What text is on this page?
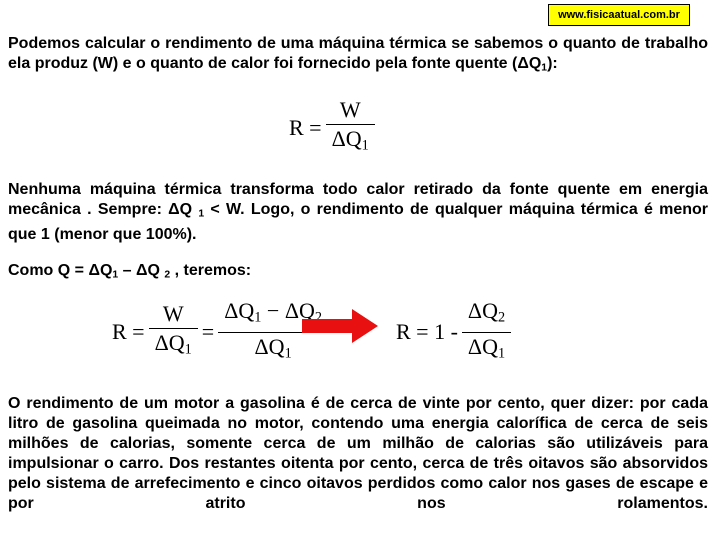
www.fisicaatual.com.br
Podemos calcular o rendimento de uma máquina térmica se sabemos o quanto de trabalho ela produz (W) e o quanto de calor foi fornecido pela fonte quente $(\Delta Q_1)$:
$R = \frac{W}{\Delta Q_1}$
Nenhuma máquina térmica transforma todo calor retirado da fonte quente em energia mecânica . Sempre: ΔQ $_1$ < W. Logo, o rendimento de qualquer máquina térmica é menor que 1 (menor que 100%).
Como $Q = \Delta Q_1 - \Delta Q$ $_2$ , teremos:
$R = \frac{W}{\Delta Q_1} = \frac{\Delta Q_1 - \Delta Q_2}{\Delta Q_1}$	$R = 1 - \frac{\Delta Q_2}{\Delta Q_1}$
O rendimento de um motor a gasolina é de cerca de vinte por cento, quer dizer: por cada litro de gasolina queimada no motor, contendo uma energia calorífica de cerca de seis milhões de calorias, somente cerca de um milhão de calorias são utilizáveis para impulsionar o carro. Dos restantes oitenta por cento, cerca de três oitavos são absorvidos pelo sistema de arrefecimento e cinco oitavos perdidos como calor nos gases de escape e por atrito nos rolamentos.
